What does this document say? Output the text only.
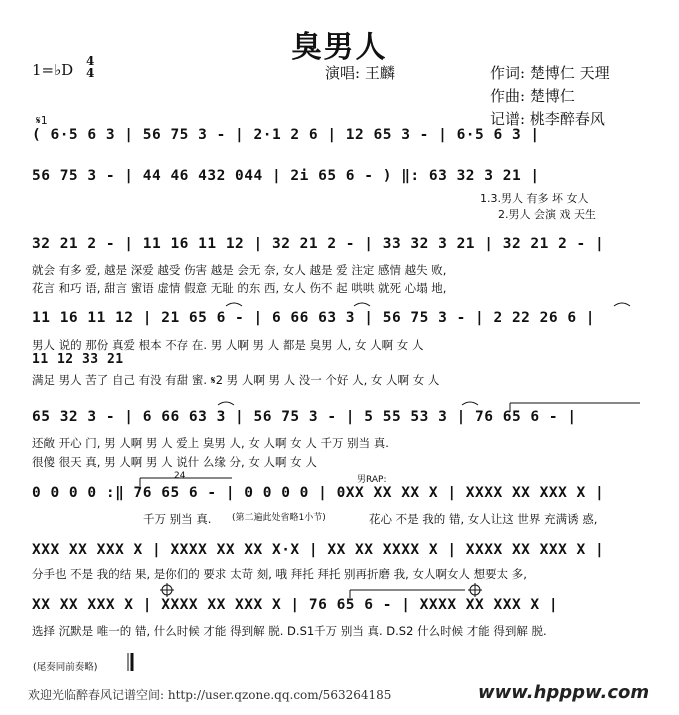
臭男人
1=♭D 4
4	演唱: 王麟	作词: 楚博仁 天理
作曲: 楚博仁
记谱: 桃李醉春风
𝄋1
( 6·5 6 3 | 56 75 3 - | 2·1 2 6 | 12 65 3 - | 6·5 6 3 |
56 75 3 - | 44 46 432 044 | 2i 65 6 - ) ‖: 63 32 3 21 |
1.3.男人 有多 坏 女人
2.男人 会演 戏 天生
32 21 2 - | 11 16 11 12 | 32 21 2 - | 33 32 3 21 | 32 21 2 - |
就会 有多 爱, 越是 深爱 越受 伤害 越是 会无 奈, 女人 越是 爱 注定 感情 越失 败,
花言 和巧 语, 甜言 蜜语 虚情 假意 无耻 的东 西, 女人 伤不 起 哄哄 就死 心塌 地,
11 16 11 12 | 21 65 6 - | 6 66 63 3 | 56 75 3 - | 2 22 26 6 |
男人 说的 那份 真爱 根本 不存 在. 男 人啊 男 人 都是 臭男 人, 女 人啊 女 人
11 12 33 21
满足 男人 苦了 自己 有没 有甜 蜜. 𝄋2 男 人啊 男 人 没一 个好 人, 女 人啊 女 人
65 32 3 - | 6 66 63 3 | 56 75 3 - | 5 55 53 3 | 76 65 6 - |
还敞 开心 门, 男 人啊 男 人 爱上 臭男 人, 女 人啊 女 人 千万 别当 真.
很傻 很天 真, 男 人啊 男 人 说什 么缘 分, 女 人啊 女 人
24	男RAP:
0 0 0 0 :‖ 76 65 6 - | 0 0 0 0 | 0XX XX XX X | XXXX XX XXX X |
千万 别当 真. (第二遍此处省略1小节)	花心 不是 我的 错, 女人让这 世界 充满诱 惑,
XXX XX XXX X | XXXX XX XX X·X | XX XX XXXX X | XXXX XX XXX X |
分手也 不是 我的结 果, 是你们的 要求 太苛 刻, 哦 拜托 拜托 别再折磨 我, 女人啊女人 想要太 多,
XX XX XXX X | XXXX XX XXX X | 76 65 6 - | XXXX XX XXX X |
选择 沉默是 唯一的 错, 什么时候 才能 得到解 脱. D.S1千万 别当 真. D.S2 什么时候 才能 得到解 脱.
(尾奏同前奏略)
欢迎光临醉春风记谱空间: http://user.qzone.qq.com/563264185	www.hpppw.com
